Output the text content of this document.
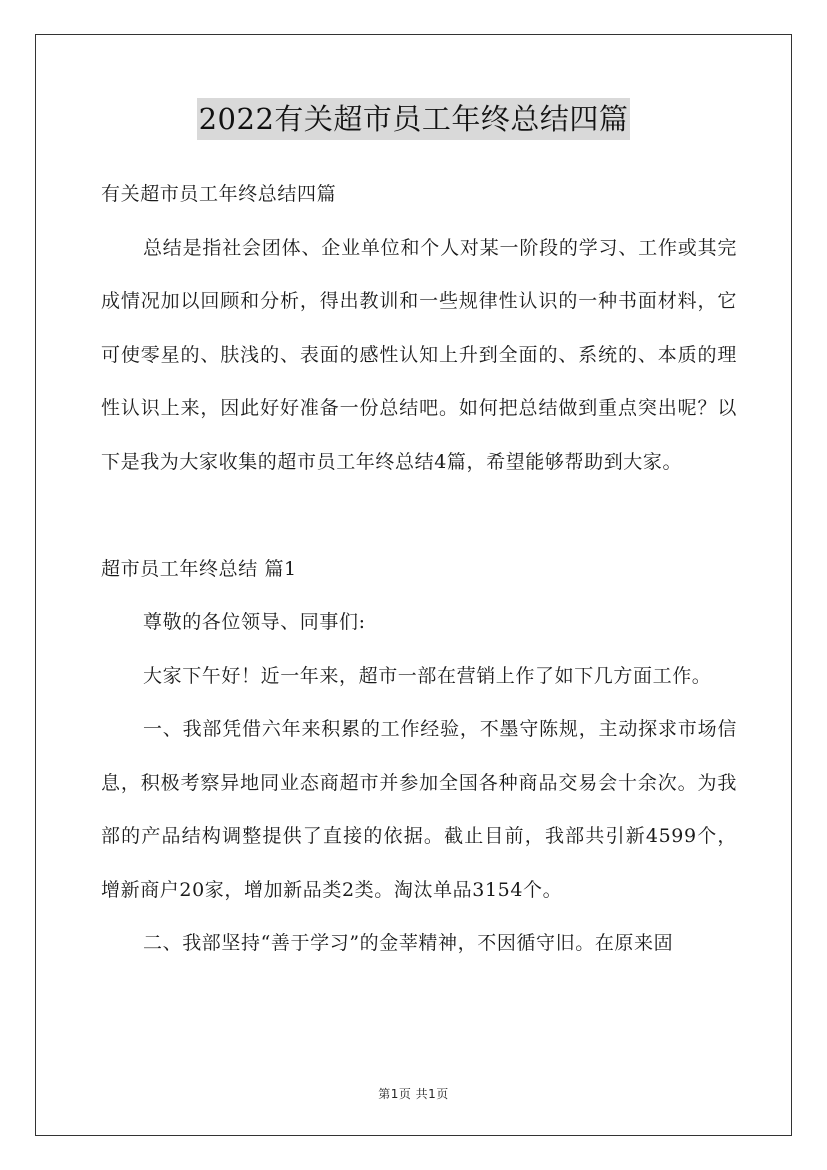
2022有关超市员工年终总结四篇

有关超市员工年终总结四篇

总结是指社会团体、企业单位和个人对某一阶段的学习、工作或其完成情况加以回顾和分析，得出教训和一些规律性认识的一种书面材料，它可使零星的、肤浅的、表面的感性认知上升到全面的、系统的、本质的理性认识上来，因此好好准备一份总结吧。如何把总结做到重点突出呢？以下是我为大家收集的超市员工年终总结4篇，希望能够帮助到大家。

超市员工年终总结 篇1

尊敬的各位领导、同事们:

大家下午好！近一年来，超市一部在营销上作了如下几方面工作。

一、我部凭借六年来积累的工作经验，不墨守陈规，主动探求市场信息，积极考察异地同业态商超市并参加全国各种商品交易会十余次。为我部的产品结构调整提供了直接的依据。截止目前，我部共引新4599个，增新商户20家，增加新品类2类。淘汰单品3154个。

二、我部坚持“善于学习”的金莘精神，不因循守旧。在原来固

第1页 共1页
